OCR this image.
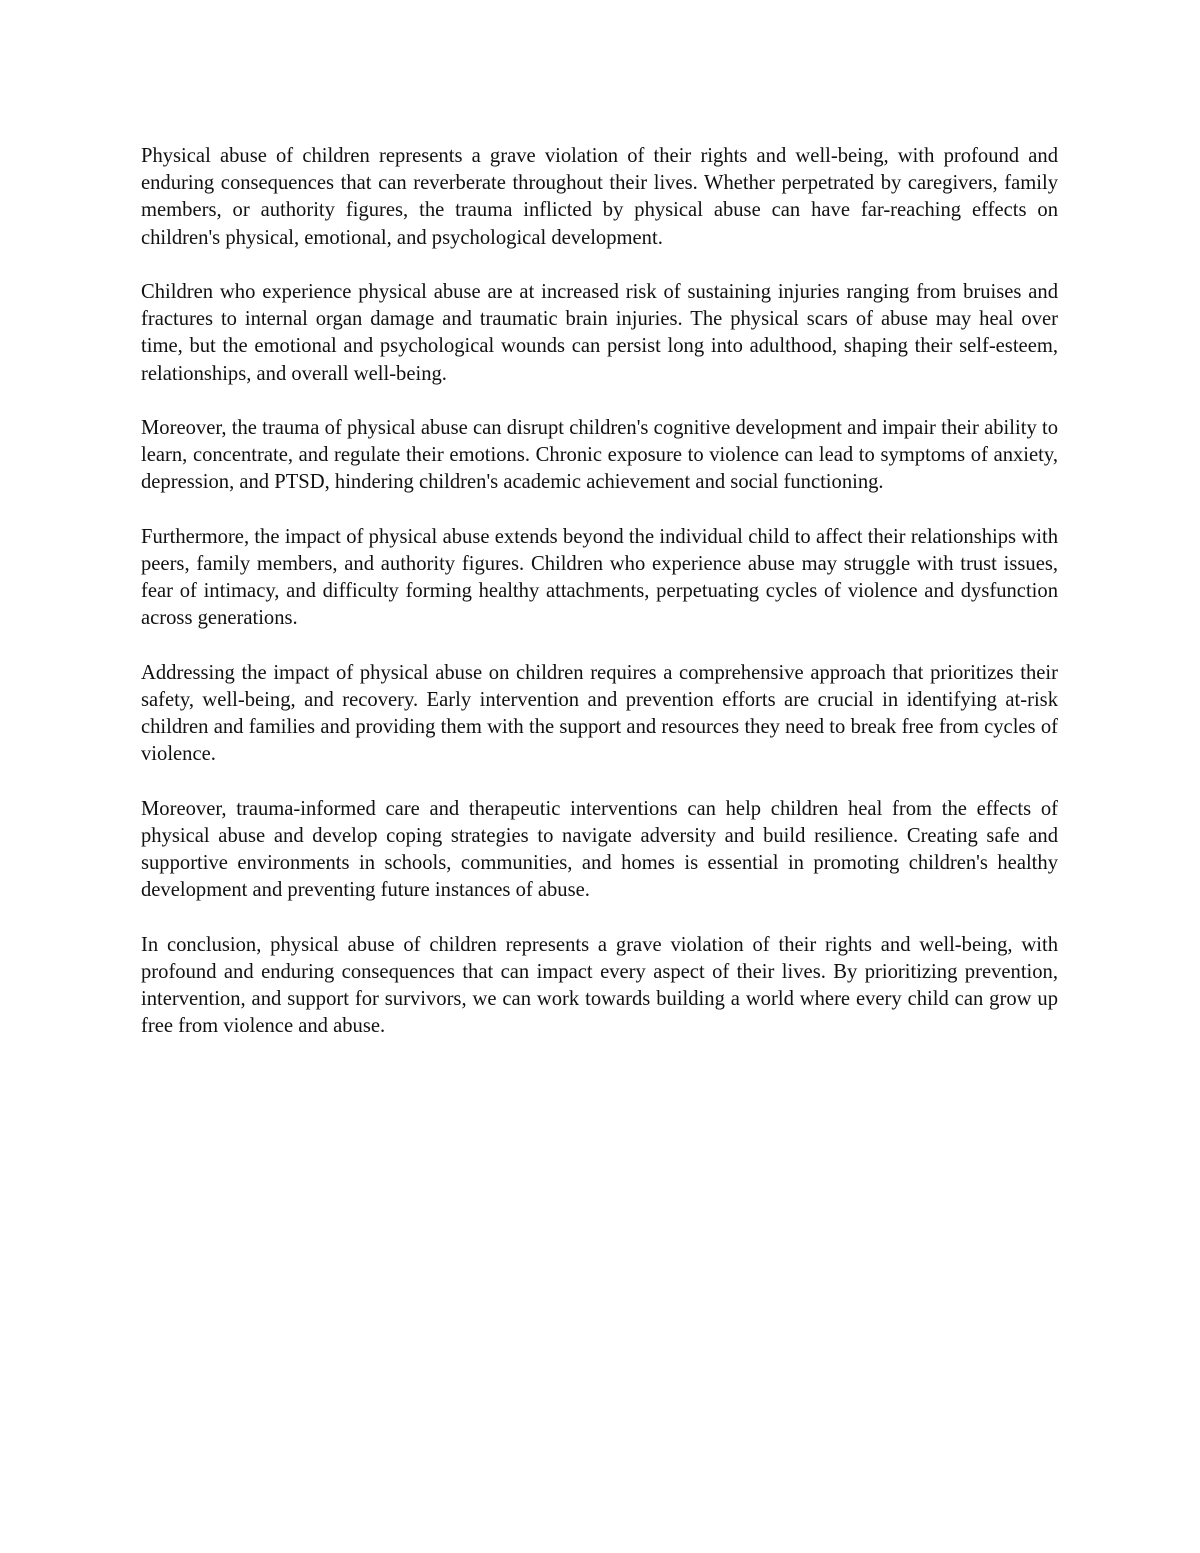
Physical abuse of children represents a grave violation of their rights and well-being, with profound and enduring consequences that can reverberate throughout their lives. Whether perpetrated by caregivers, family members, or authority figures, the trauma inflicted by physical abuse can have far-reaching effects on children's physical, emotional, and psychological development.

Children who experience physical abuse are at increased risk of sustaining injuries ranging from bruises and fractures to internal organ damage and traumatic brain injuries. The physical scars of abuse may heal over time, but the emotional and psychological wounds can persist long into adulthood, shaping their self-esteem, relationships, and overall well-being.

Moreover, the trauma of physical abuse can disrupt children's cognitive development and impair their ability to learn, concentrate, and regulate their emotions. Chronic exposure to violence can lead to symptoms of anxiety, depression, and PTSD, hindering children's academic achievement and social functioning.

Furthermore, the impact of physical abuse extends beyond the individual child to affect their relationships with peers, family members, and authority figures. Children who experience abuse may struggle with trust issues, fear of intimacy, and difficulty forming healthy attachments, perpetuating cycles of violence and dysfunction across generations.

Addressing the impact of physical abuse on children requires a comprehensive approach that prioritizes their safety, well-being, and recovery. Early intervention and prevention efforts are crucial in identifying at-risk children and families and providing them with the support and resources they need to break free from cycles of violence.

Moreover, trauma-informed care and therapeutic interventions can help children heal from the effects of physical abuse and develop coping strategies to navigate adversity and build resilience. Creating safe and supportive environments in schools, communities, and homes is essential in promoting children's healthy development and preventing future instances of abuse.

In conclusion, physical abuse of children represents a grave violation of their rights and well-being, with profound and enduring consequences that can impact every aspect of their lives. By prioritizing prevention, intervention, and support for survivors, we can work towards building a world where every child can grow up free from violence and abuse.
